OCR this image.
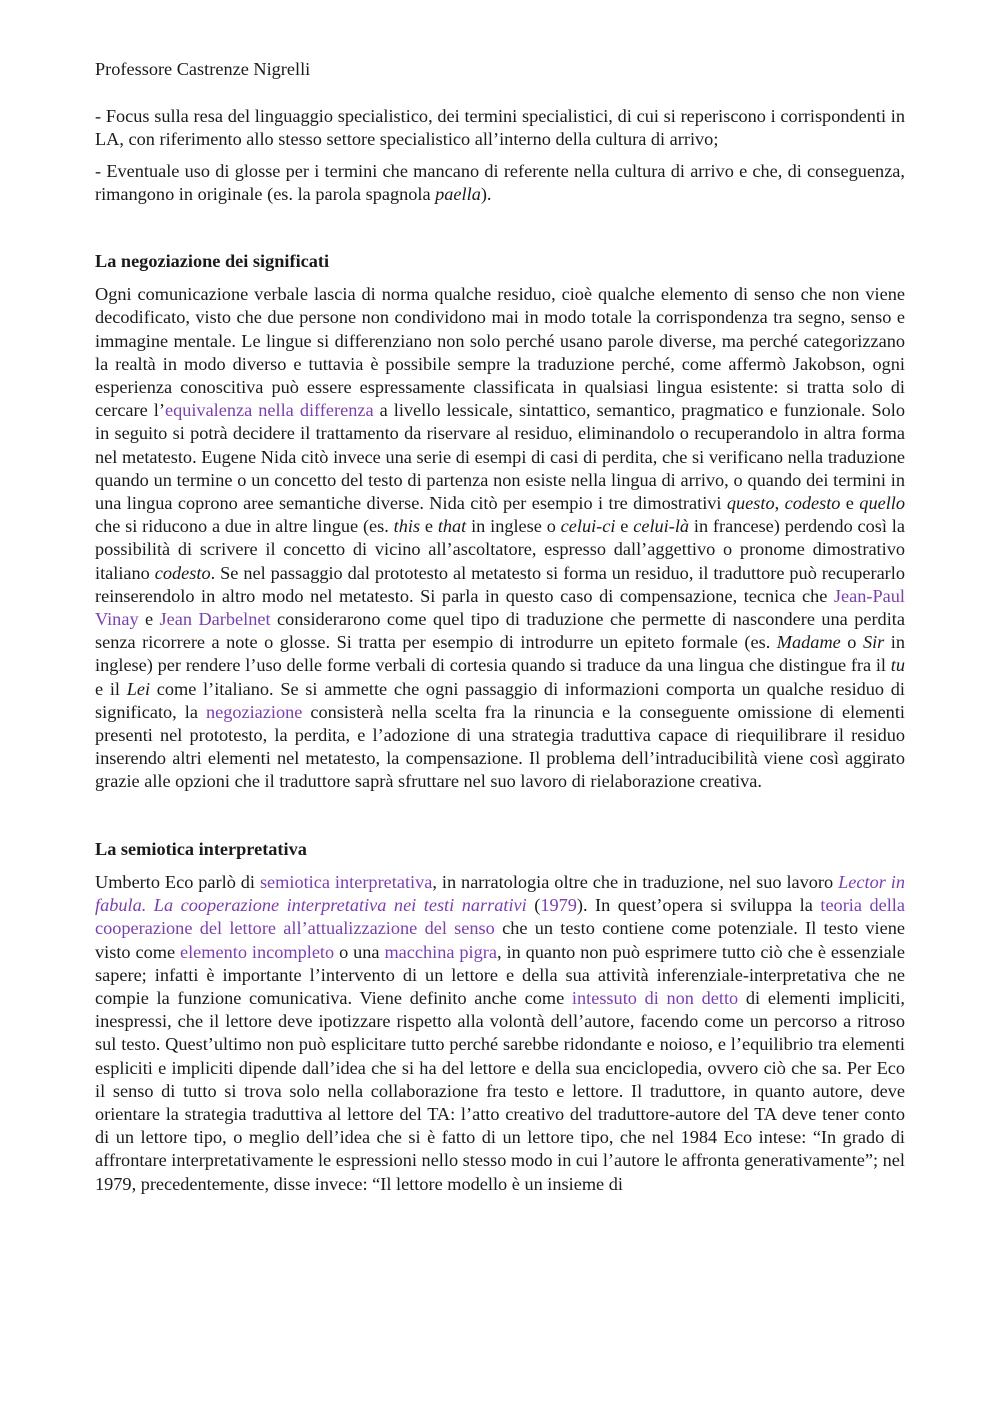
Professore Castrenze Nigrelli

- Focus sulla resa del linguaggio specialistico, dei termini specialistici, di cui si reperiscono i corrispondenti in LA, con riferimento allo stesso settore specialistico all’interno della cultura di arrivo;

- Eventuale uso di glosse per i termini che mancano di referente nella cultura di arrivo e che, di conseguenza, rimangono in originale (es. la parola spagnola paella).

La negoziazione dei significati

Ogni comunicazione verbale lascia di norma qualche residuo, cioè qualche elemento di senso che non viene decodificato, visto che due persone non condividono mai in modo totale la corrispondenza tra segno, senso e immagine mentale. Le lingue si differenziano non solo perché usano parole diverse, ma perché categorizzano la realtà in modo diverso e tuttavia è possibile sempre la traduzione perché, come affermò Jakobson, ogni esperienza conoscitiva può essere espressamente classificata in qualsiasi lingua esistente: si tratta solo di cercare l’equivalenza nella differenza a livello lessicale, sintattico, semantico, pragmatico e funzionale. Solo in seguito si potrà decidere il trattamento da riservare al residuo, eliminandolo o recuperandolo in altra forma nel metatesto. Eugene Nida citò invece una serie di esempi di casi di perdita, che si verificano nella traduzione quando un termine o un concetto del testo di partenza non esiste nella lingua di arrivo, o quando dei termini in una lingua coprono aree semantiche diverse. Nida citò per esempio i tre dimostrativi questo, codesto e quello che si riducono a due in altre lingue (es. this e that in inglese o celui-ci e celui-là in francese) perdendo così la possibilità di scrivere il concetto di vicino all’ascoltatore, espresso dall’aggettivo o pronome dimostrativo italiano codesto. Se nel passaggio dal prototesto al metatesto si forma un residuo, il traduttore può recuperarlo reinserendolo in altro modo nel metatesto. Si parla in questo caso di compensazione, tecnica che Jean-Paul Vinay e Jean Darbelnet considerarono come quel tipo di traduzione che permette di nascondere una perdita senza ricorrere a note o glosse. Si tratta per esempio di introdurre un epiteto formale (es. Madame o Sir in inglese) per rendere l’uso delle forme verbali di cortesia quando si traduce da una lingua che distingue fra il tu e il Lei come l’italiano. Se si ammette che ogni passaggio di informazioni comporta un qualche residuo di significato, la negoziazione consisterà nella scelta fra la rinuncia e la conseguente omissione di elementi presenti nel prototesto, la perdita, e l’adozione di una strategia traduttiva capace di riequilibrare il residuo inserendo altri elementi nel metatesto, la compensazione. Il problema dell’intraducibilità viene così aggirato grazie alle opzioni che il traduttore saprà sfruttare nel suo lavoro di rielaborazione creativa.

La semiotica interpretativa

Umberto Eco parlò di semiotica interpretativa, in narratologia oltre che in traduzione, nel suo lavoro Lector in fabula. La cooperazione interpretativa nei testi narrativi (1979). In quest’opera si sviluppa la teoria della cooperazione del lettore all’attualizzazione del senso che un testo contiene come potenziale. Il testo viene visto come elemento incompleto o una macchina pigra, in quanto non può esprimere tutto ciò che è essenziale sapere; infatti è importante l’intervento di un lettore e della sua attività inferenziale-interpretativa che ne compie la funzione comunicativa. Viene definito anche come intessuto di non detto di elementi impliciti, inespressi, che il lettore deve ipotizzare rispetto alla volontà dell’autore, facendo come un percorso a ritroso sul testo. Quest’ultimo non può esplicitare tutto perché sarebbe ridondante e noioso, e l’equilibrio tra elementi espliciti e impliciti dipende dall’idea che si ha del lettore e della sua enciclopedia, ovvero ciò che sa. Per Eco il senso di tutto si trova solo nella collaborazione fra testo e lettore. Il traduttore, in quanto autore, deve orientare la strategia traduttiva al lettore del TA: l’atto creativo del traduttore-autore del TA deve tener conto di un lettore tipo, o meglio dell’idea che si è fatto di un lettore tipo, che nel 1984 Eco intese: “In grado di affrontare interpretativamente le espressioni nello stesso modo in cui l’autore le affronta generativamente”; nel 1979, precedentemente, disse invece: “Il lettore modello è un insieme di
